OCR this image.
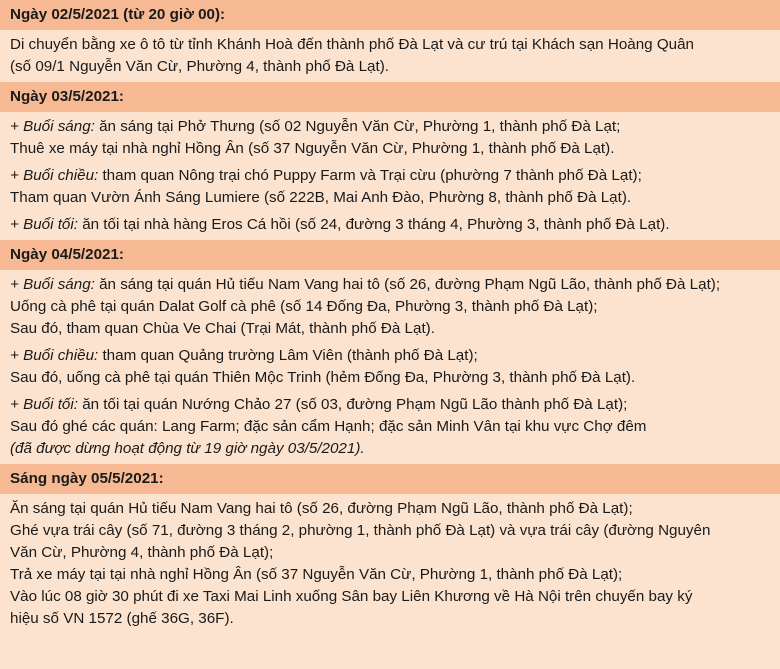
Ngày 02/5/2021 (từ 20 giờ 00):
Di chuyển bằng xe ô tô từ tỉnh Khánh Hoà đến thành phố Đà Lạt và cư trú tại Khách sạn Hoàng Quân
(số 09/1 Nguyễn Văn Cừ, Phường 4, thành phố Đà Lạt).
Ngày 03/5/2021:
+ Buổi sáng: ăn sáng tại Phở Thưng (số 02 Nguyễn Văn Cừ, Phường 1, thành phố Đà Lạt;
Thuê xe máy tại nhà nghỉ Hồng Ân (số 37 Nguyễn Văn Cừ, Phường 1, thành phố Đà Lạt).
+ Buổi chiều: tham quan Nông trại chó Puppy Farm và Trại cừu (phường 7 thành phố Đà Lạt);
Tham quan Vườn Ánh Sáng Lumiere (số 222B, Mai Anh Đào, Phường 8, thành phố Đà Lạt).
+ Buổi tối: ăn tối tại nhà hàng Eros Cá hồi (số 24, đường 3 tháng 4, Phường 3, thành phố Đà Lạt).
Ngày 04/5/2021:
+ Buổi sáng: ăn sáng tại quán Hủ tiếu Nam Vang hai tô (số 26, đường Phạm Ngũ Lão, thành phố Đà Lạt);
Uống cà phê tại quán Dalat Golf cà phê (số 14 Đống Đa, Phường 3, thành phố Đà Lạt);
Sau đó, tham quan Chùa Ve Chai (Trại Mát, thành phố Đà Lạt).
+ Buổi chiều: tham quan Quảng trường Lâm Viên (thành phố Đà Lạt);
Sau đó, uống cà phê tại quán Thiên Mộc Trinh (hẻm Đống Đa, Phường 3, thành phố Đà Lạt).
+ Buổi tối: ăn tối tại quán Nướng Chảo 27 (số 03, đường Phạm Ngũ Lão thành phố Đà Lạt);
Sau đó ghé các quán: Lang Farm; đặc sản cẩm Hạnh; đặc sản Minh Vân tại khu vực Chợ đêm
(đã được dừng hoạt động từ 19 giờ ngày 03/5/2021).
Sáng ngày 05/5/2021:
Ăn sáng tại quán Hủ tiếu Nam Vang hai tô (số 26, đường Phạm Ngũ Lão, thành phố Đà Lạt);
Ghé vựa trái cây (số 71, đường 3 tháng 2, phường 1, thành phố Đà Lạt) và vựa trái cây (đường Nguyên
Văn Cừ, Phường 4, thành phố Đà Lạt);
Trả xe máy tại tại nhà nghỉ Hồng Ân (số 37 Nguyễn Văn Cừ, Phường 1, thành phố Đà Lạt);
Vào lúc 08 giờ 30 phút đi xe Taxi Mai Linh xuống Sân bay Liên Khương về Hà Nội trên chuyến bay ký
hiệu số VN 1572 (ghế 36G, 36F).
